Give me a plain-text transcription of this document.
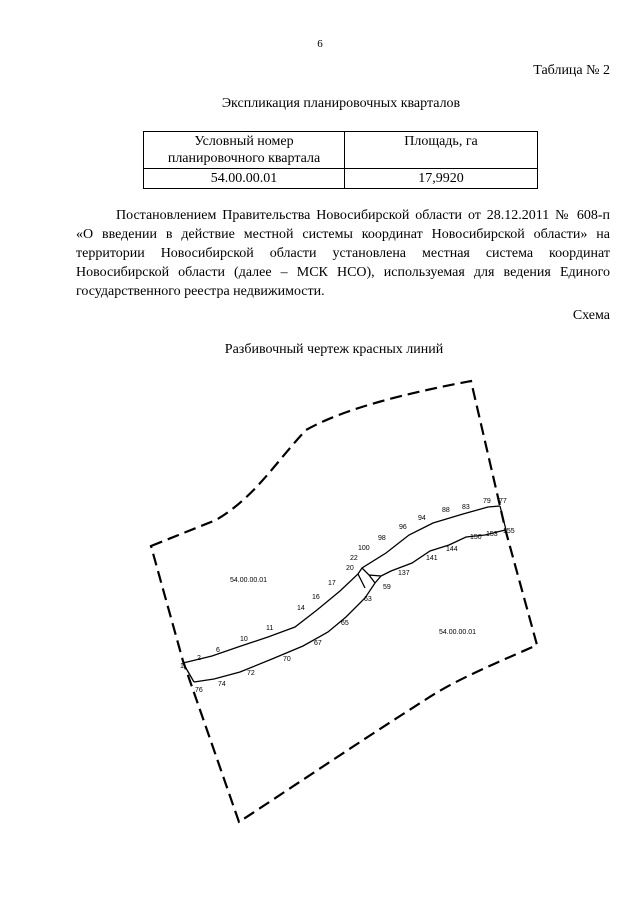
6
Таблица № 2
Экспликация планировочных кварталов
Условный номер планировочного квартала	Площадь, га
54.00.00.01	17,9920
Постановлением Правительства Новосибирской области от 28.12.2011 № 608-п «О введении в действие местной системы координат Новосибирской области» на территории Новосибирской области установлена местная система координат Новосибирской области (далее – МСК НСО), используемая для ведения Единого государственного реестра недвижимости.
Схема
Разбивочный чертеж красных линий
54.00.00.01
54.00.00.01
1
2
6
10
11
14
16
17
20
22
100
98
96
94
88 83
79 77
76
74
72
70
67
65
63
59
137
141
144
150 153 155
